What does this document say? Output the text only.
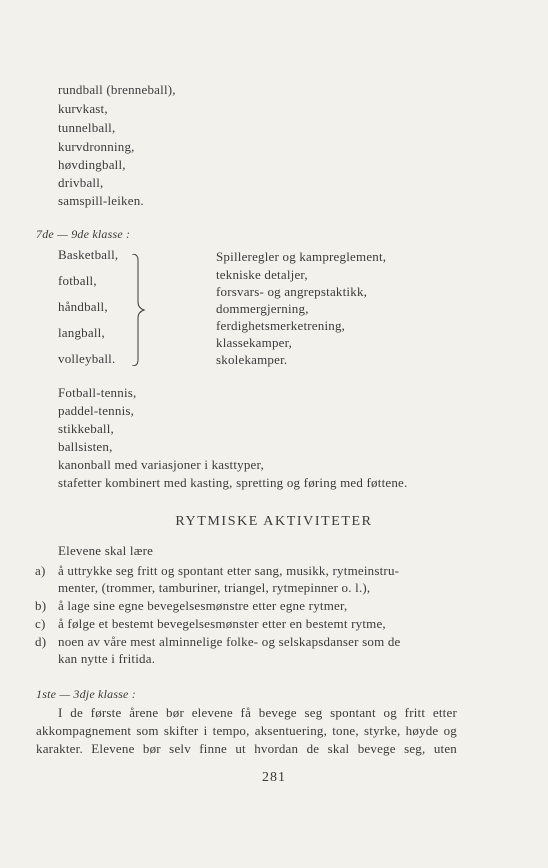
rundball (brenneball),
kurvkast,
tunnelball,
kurvdronning,
høvdingball,
drivball,
samspill-leiken.
7de — 9de klasse :
Basketball,
fotball,
håndball,
langball,
volleyball.
Spilleregler og kampreglement,
tekniske detaljer,
forsvars- og angrepstaktikk,
dommergjerning,
ferdighetsmerketrening,
klassekamper,
skolekamper.
Fotball-tennis,
paddel-tennis,
stikkeball,
ballsisten,
kanonball med variasjoner i kasttyper,
stafetter kombinert med kasting, spretting og føring med føttene.
RYTMISKE AKTIVITETER
Elevene skal lære
a) å uttrykke seg fritt og spontant etter sang, musikk, rytmeinstru-
menter, (trommer, tamburiner, triangel, rytmepinner o. l.),
b) å lage sine egne bevegelsesmønstre etter egne rytmer,
c) å følge et bestemt bevegelsesmønster etter en bestemt rytme,
d) noen av våre mest alminnelige folke- og selskapsdanser som de
kan nytte i fritida.
1ste — 3dje klasse :
I de første årene bør elevene få bevege seg spontant og fritt etter
akkompagnement som skifter i tempo, aksentuering, tone, styrke, høyde og
karakter. Elevene bør selv finne ut hvordan de skal bevege seg, uten
281
